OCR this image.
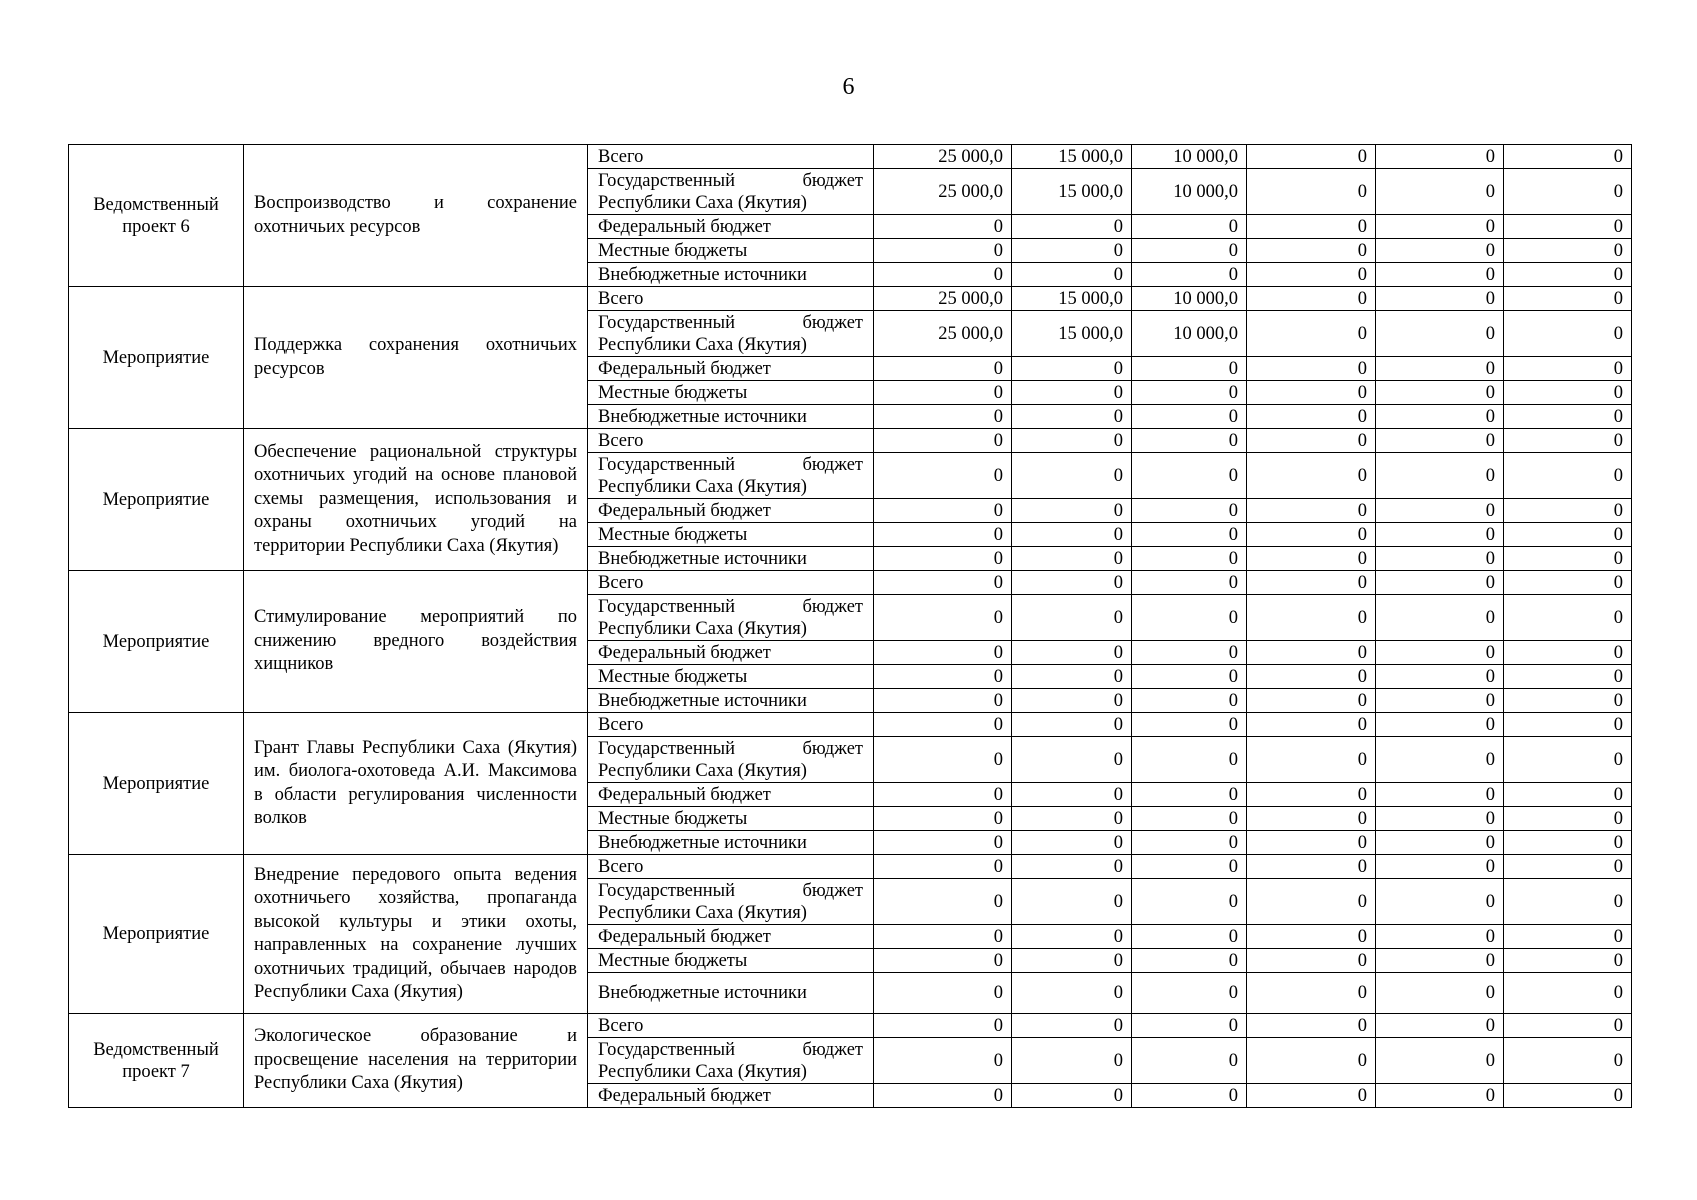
6
Ведомственный проект 6	Воспроизводство и сохранение охотничьих ресурсов	Всего	25 000,0	15 000,0	10 000,0	0	0	0
		Государственный бюджет Республики Саха (Якутия)	25 000,0	15 000,0	10 000,0	0	0	0
		Федеральный бюджет	0	0	0	0	0	0
		Местные бюджеты	0	0	0	0	0	0
		Внебюджетные источники	0	0	0	0	0	0
Мероприятие	Поддержка сохранения охотничьих ресурсов	Всего	25 000,0	15 000,0	10 000,0	0	0	0
		Государственный бюджет Республики Саха (Якутия)	25 000,0	15 000,0	10 000,0	0	0	0
		Федеральный бюджет	0	0	0	0	0	0
		Местные бюджеты	0	0	0	0	0	0
		Внебюджетные источники	0	0	0	0	0	0
Мероприятие	Обеспечение рациональной структуры охотничьих угодий на основе плановой схемы размещения, использования и охраны охотничьих угодий на территории Республики Саха (Якутия)	Всего	0	0	0	0	0	0
		Государственный бюджет Республики Саха (Якутия)	0	0	0	0	0	0
		Федеральный бюджет	0	0	0	0	0	0
		Местные бюджеты	0	0	0	0	0	0
		Внебюджетные источники	0	0	0	0	0	0
Мероприятие	Стимулирование мероприятий по снижению вредного воздействия хищников	Всего	0	0	0	0	0	0
		Государственный бюджет Республики Саха (Якутия)	0	0	0	0	0	0
		Федеральный бюджет	0	0	0	0	0	0
		Местные бюджеты	0	0	0	0	0	0
		Внебюджетные источники	0	0	0	0	0	0
Мероприятие	Грант Главы Республики Саха (Якутия) им. биолога-охотоведа А.И. Максимова в области регулирования численности волков	Всего	0	0	0	0	0	0
		Государственный бюджет Республики Саха (Якутия)	0	0	0	0	0	0
		Федеральный бюджет	0	0	0	0	0	0
		Местные бюджеты	0	0	0	0	0	0
		Внебюджетные источники	0	0	0	0	0	0
Мероприятие	Внедрение передового опыта ведения охотничьего хозяйства, пропаганда высокой культуры и этики охоты, направленных на сохранение лучших охотничьих традиций, обычаев народов Республики Саха (Якутия)	Всего	0	0	0	0	0	0
		Государственный бюджет Республики Саха (Якутия)	0	0	0	0	0	0
		Федеральный бюджет	0	0	0	0	0	0
		Местные бюджеты	0	0	0	0	0	0
		Внебюджетные источники	0	0	0	0	0	0
Ведомственный проект 7	Экологическое образование и просвещение населения на территории Республики Саха (Якутия)	Всего	0	0	0	0	0	0
		Государственный бюджет Республики Саха (Якутия)	0	0	0	0	0	0
		Федеральный бюджет	0	0	0	0	0	0
